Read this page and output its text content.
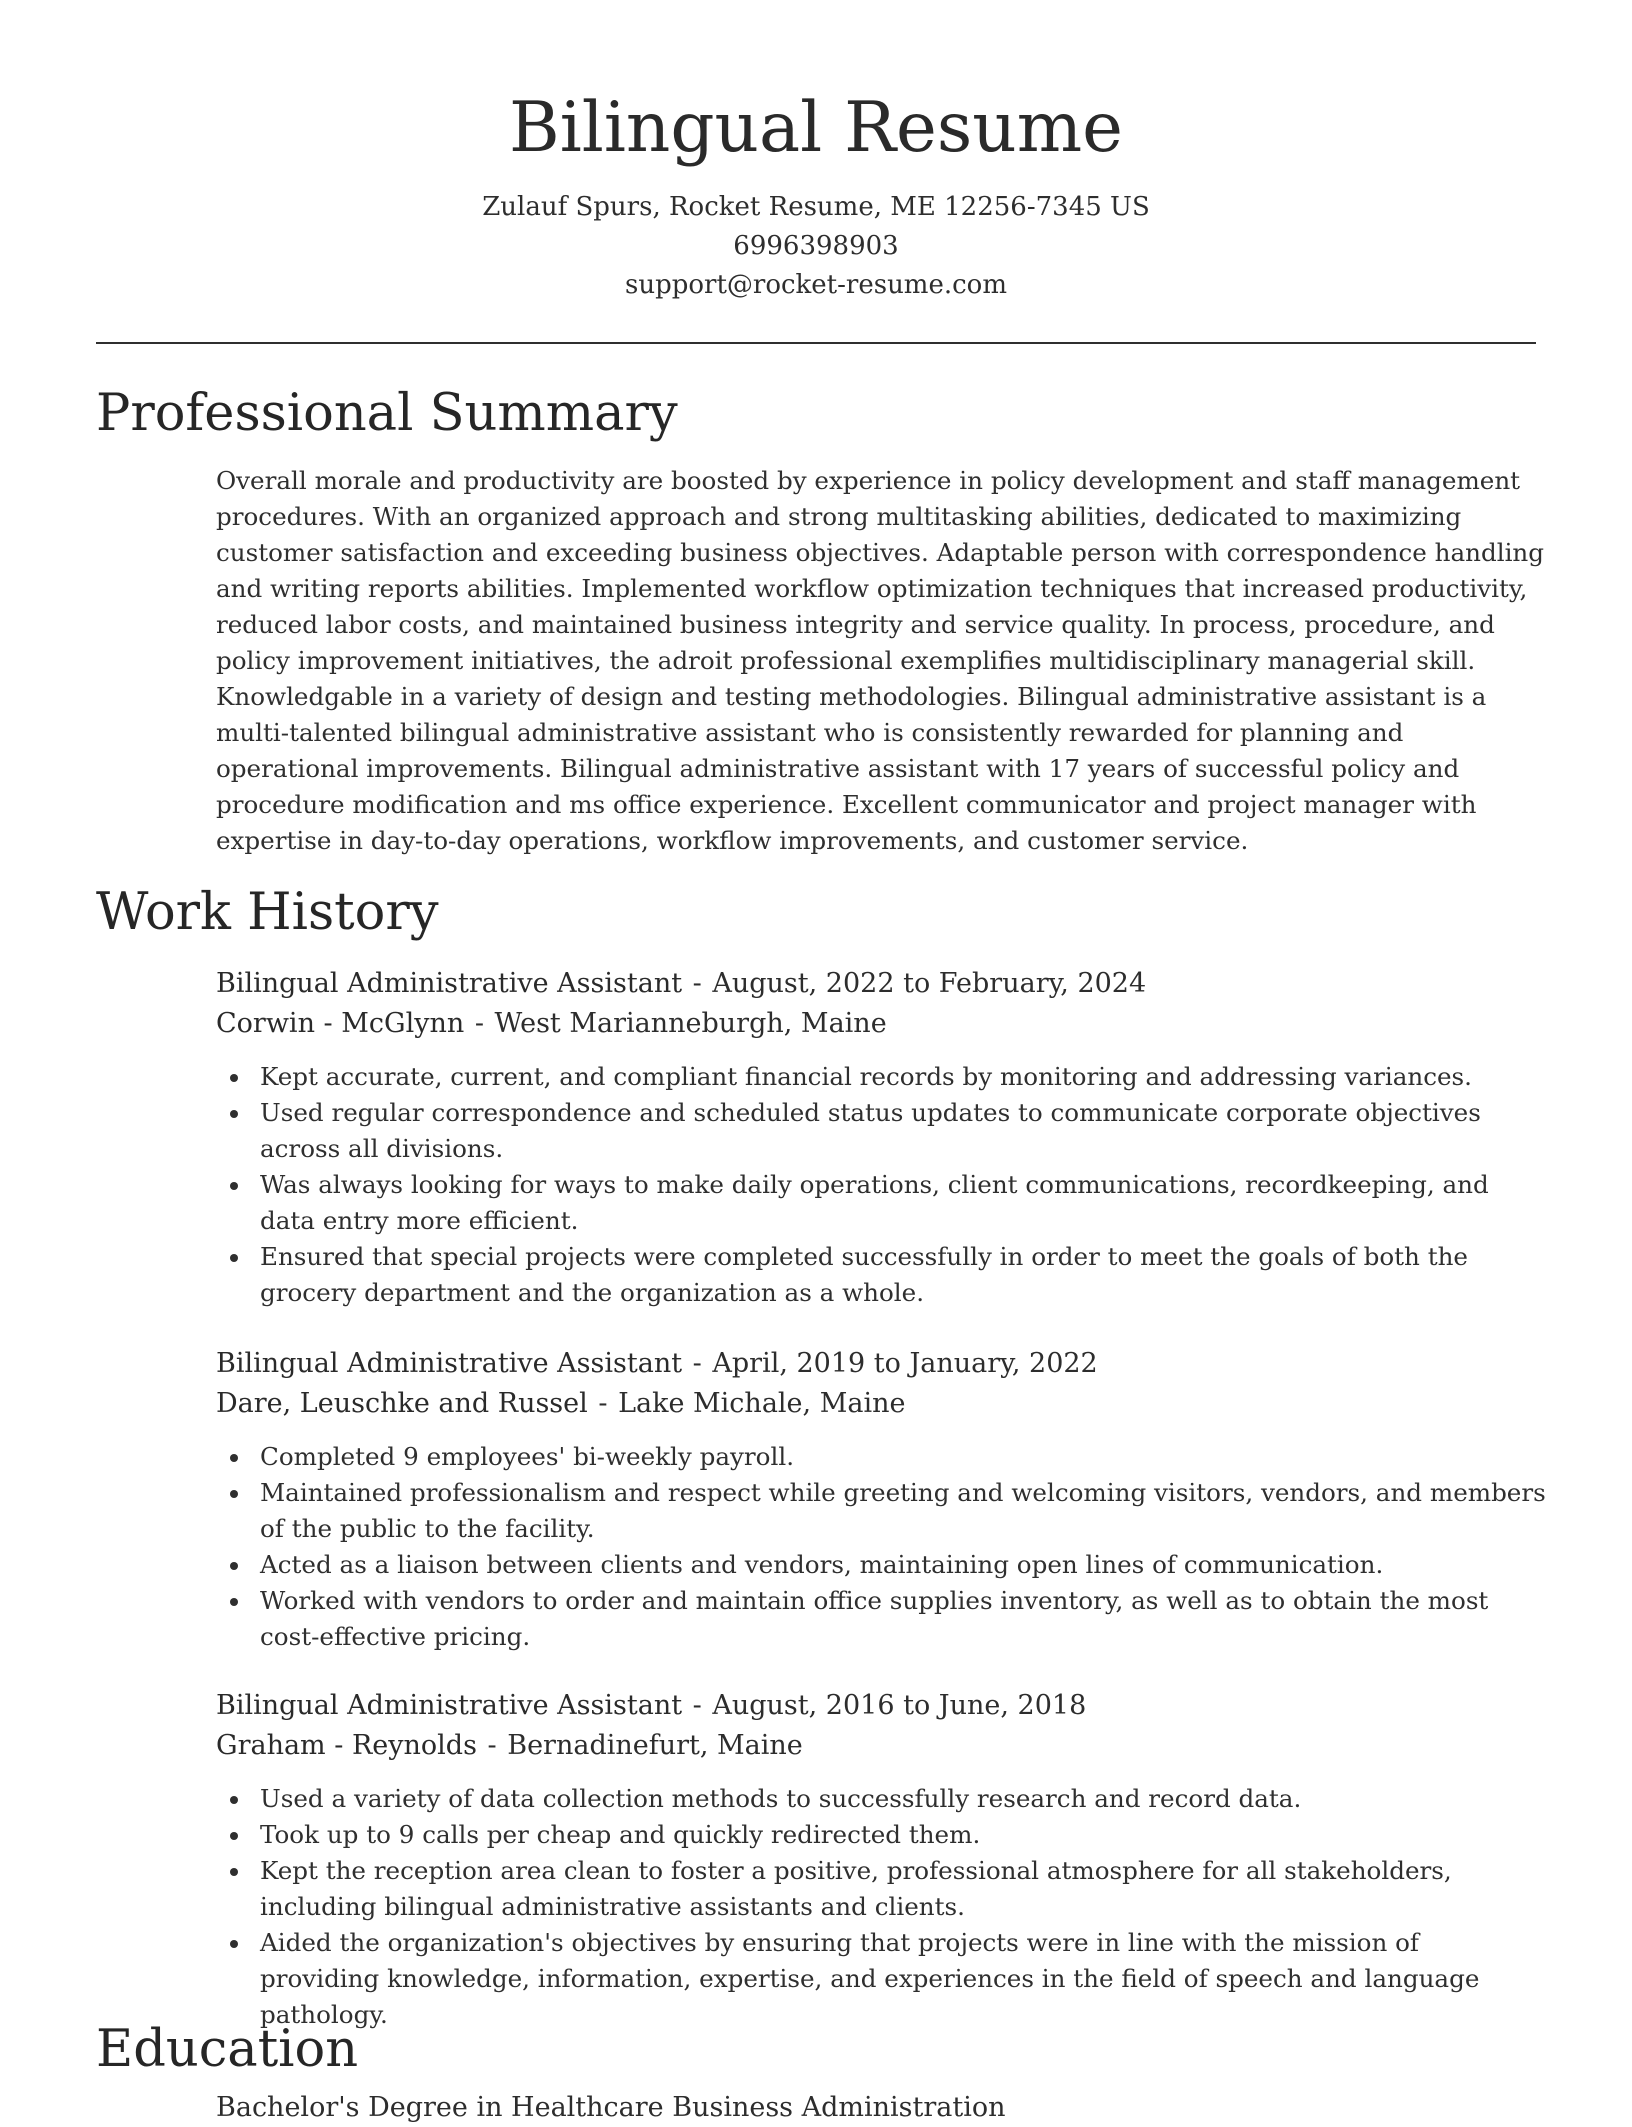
Bilingual Resume
Zulauf Spurs, Rocket Resume, ME 12256-7345 US
6996398903
support@rocket-resume.com
Professional Summary

Overall morale and productivity are boosted by experience in policy development and staff management procedures. With an organized approach and strong multitasking abilities, dedicated to maximizing customer satisfaction and exceeding business objectives. Adaptable person with correspondence handling and writing reports abilities. Implemented workflow optimization techniques that increased productivity, reduced labor costs, and maintained business integrity and service quality. In process, procedure, and policy improvement initiatives, the adroit professional exemplifies multidisciplinary managerial skill. Knowledgable in a variety of design and testing methodologies. Bilingual administrative assistant is a multi-talented bilingual administrative assistant who is consistently rewarded for planning and operational improvements. Bilingual administrative assistant with 17 years of successful policy and procedure modification and ms office experience. Excellent communicator and project manager with expertise in day-to-day operations, workflow improvements, and customer service.

Work History
Bilingual Administrative Assistant - August, 2022 to February, 2024
Corwin - McGlynn - West Marianneburgh, Maine
Kept accurate, current, and compliant financial records by monitoring and addressing variances.
Used regular correspondence and scheduled status updates to communicate corporate objectives across all divisions.
Was always looking for ways to make daily operations, client communications, recordkeeping, and data entry more efficient.
Ensured that special projects were completed successfully in order to meet the goals of both the grocery department and the organization as a whole.
Bilingual Administrative Assistant - April, 2019 to January, 2022
Dare, Leuschke and Russel - Lake Michale, Maine
Completed 9 employees' bi-weekly payroll.
Maintained professionalism and respect while greeting and welcoming visitors, vendors, and members of the public to the facility.
Acted as a liaison between clients and vendors, maintaining open lines of communication.
Worked with vendors to order and maintain office supplies inventory, as well as to obtain the most cost-effective pricing.
Bilingual Administrative Assistant - August, 2016 to June, 2018
Graham - Reynolds - Bernadinefurt, Maine
Used a variety of data collection methods to successfully research and record data.
Took up to 9 calls per cheap and quickly redirected them.
Kept the reception area clean to foster a positive, professional atmosphere for all stakeholders, including bilingual administrative assistants and clients.
Aided the organization's objectives by ensuring that projects were in line with the mission of providing knowledge, information, expertise, and experiences in the field of speech and language pathology.
Education
Bachelor's Degree in Healthcare Business Administration
